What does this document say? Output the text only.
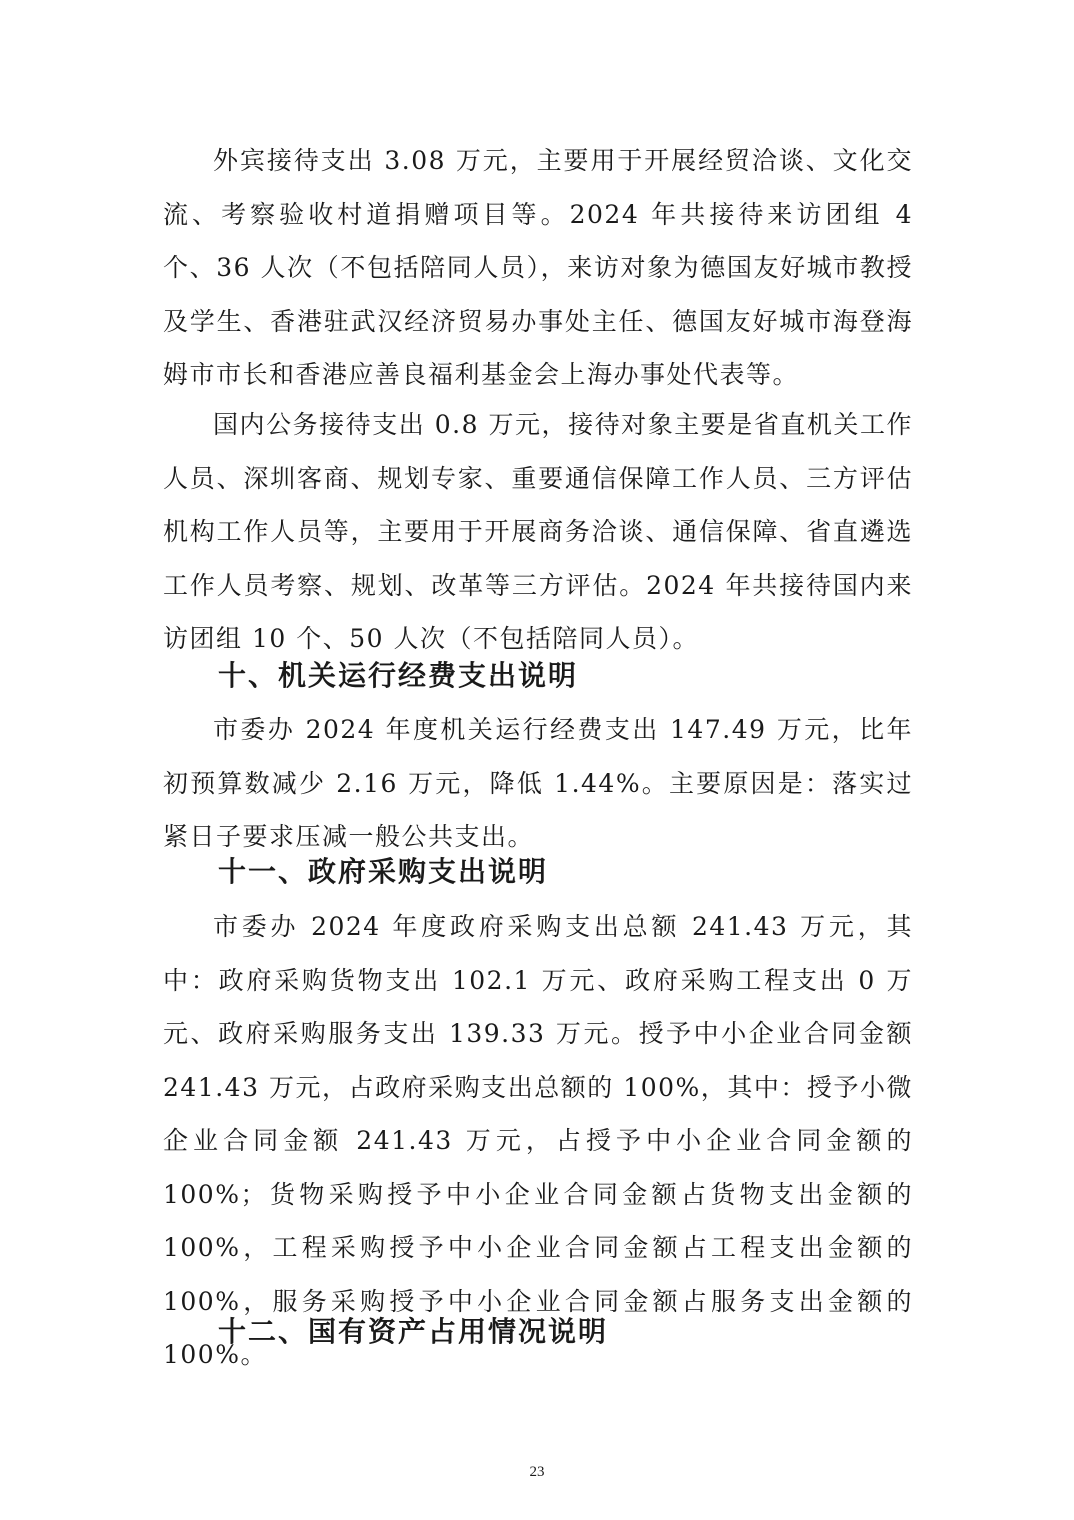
外宾接待支出 3.08 万元，主要用于开展经贸洽谈、文化交流、考察验收村道捐赠项目等。2024 年共接待来访团组 4 个、36 人次（不包括陪同人员），来访对象为德国友好城市教授及学生、香港驻武汉经济贸易办事处主任、德国友好城市海登海姆市市长和香港应善良福利基金会上海办事处代表等。

国内公务接待支出 0.8 万元，接待对象主要是省直机关工作人员、深圳客商、规划专家、重要通信保障工作人员、三方评估机构工作人员等，主要用于开展商务洽谈、通信保障、省直遴选工作人员考察、规划、改革等三方评估。2024 年共接待国内来访团组 10 个、50 人次（不包括陪同人员）。

十、机关运行经费支出说明

市委办 2024 年度机关运行经费支出 147.49 万元，比年初预算数减少 2.16 万元，降低 1.44%。主要原因是：落实过紧日子要求压减一般公共支出。

十一、政府采购支出说明

市委办 2024 年度政府采购支出总额 241.43 万元，其中：政府采购货物支出 102.1 万元、政府采购工程支出 0 万元、政府采购服务支出 139.33 万元。授予中小企业合同金额 241.43 万元，占政府采购支出总额的 100%，其中：授予小微企业合同金额 241.43 万元，占授予中小企业合同金额的 100%；货物采购授予中小企业合同金额占货物支出金额的 100%，工程采购授予中小企业合同金额占工程支出金额的 100%，服务采购授予中小企业合同金额占服务支出金额的 100%。

十二、国有资产占用情况说明
23
